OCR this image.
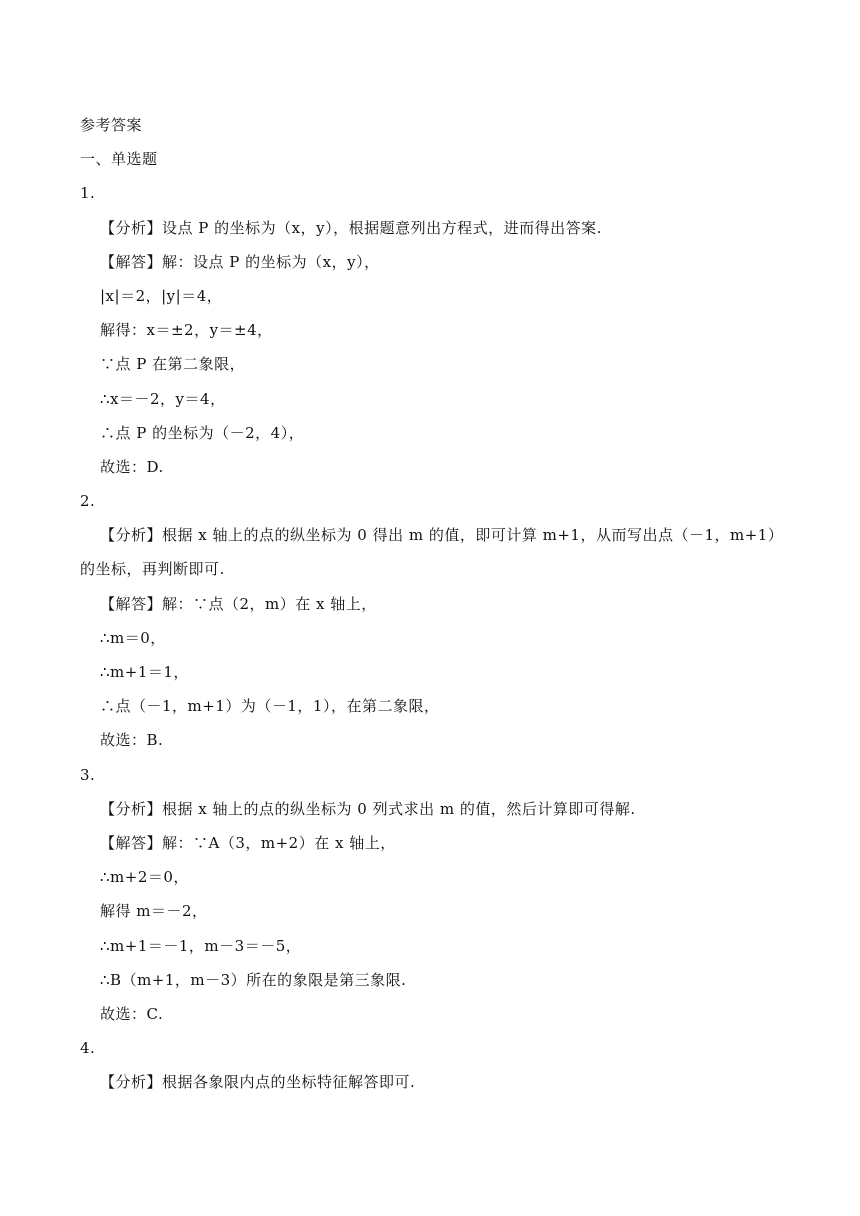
参考答案
一、单选题
1.
【分析】设点 P 的坐标为（x，y），根据题意列出方程式，进而得出答案.
【解答】解：设点 P 的坐标为（x，y），
|x|＝2，|y|＝4，
解得：x＝±2，y＝±4，
∵点 P 在第二象限，
∴x＝－2，y＝4，
∴点 P 的坐标为（－2，4），
故选：D.
2.
【分析】根据 x 轴上的点的纵坐标为 0 得出 m 的值，即可计算 m+1，从而写出点（－1，m+1）
的坐标，再判断即可.
【解答】解：∵点（2，m）在 x 轴上，
∴m＝0，
∴m+1＝1，
∴点（－1，m+1）为（－1，1），在第二象限，
故选：B.
3.
【分析】根据 x 轴上的点的纵坐标为 0 列式求出 m 的值，然后计算即可得解.
【解答】解：∵A（3，m+2）在 x 轴上，
∴m+2＝0，
解得 m＝－2，
∴m+1＝－1，m－3＝－5，
∴B（m+1，m－3）所在的象限是第三象限.
故选：C.
4.
【分析】根据各象限内点的坐标特征解答即可.
